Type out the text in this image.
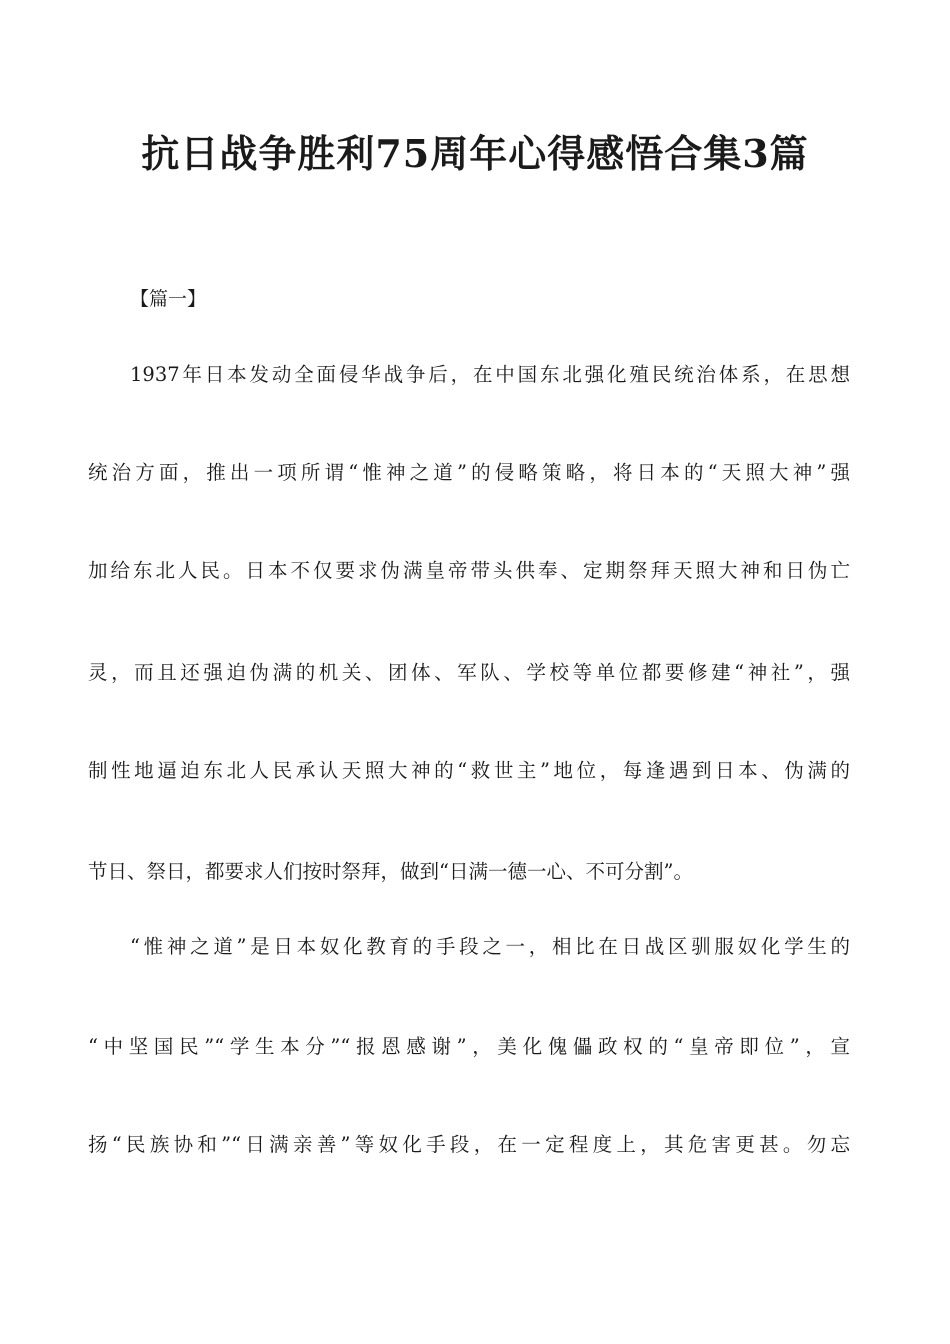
抗日战争胜利75周年心得感悟合集3篇
【篇一】
1937年日本发动全面侵华战争后，在中国东北强化殖民统治体系，在思想
统治方面，推出一项所谓“惟神之道”的侵略策略，将日本的“天照大神”强
加给东北人民。日本不仅要求伪满皇帝带头供奉、定期祭拜天照大神和日伪亡
灵，而且还强迫伪满的机关、团体、军队、学校等单位都要修建“神社”，强
制性地逼迫东北人民承认天照大神的“救世主”地位，每逢遇到日本、伪满的
节日、祭日，都要求人们按时祭拜，做到“日满一德一心、不可分割”。
“惟神之道”是日本奴化教育的手段之一，相比在日战区驯服奴化学生的
“中坚国民”“学生本分”“报恩感谢”，美化傀儡政权的“皇帝即位”，宣
扬“民族协和”“日满亲善”等奴化手段，在一定程度上，其危害更甚。勿忘
